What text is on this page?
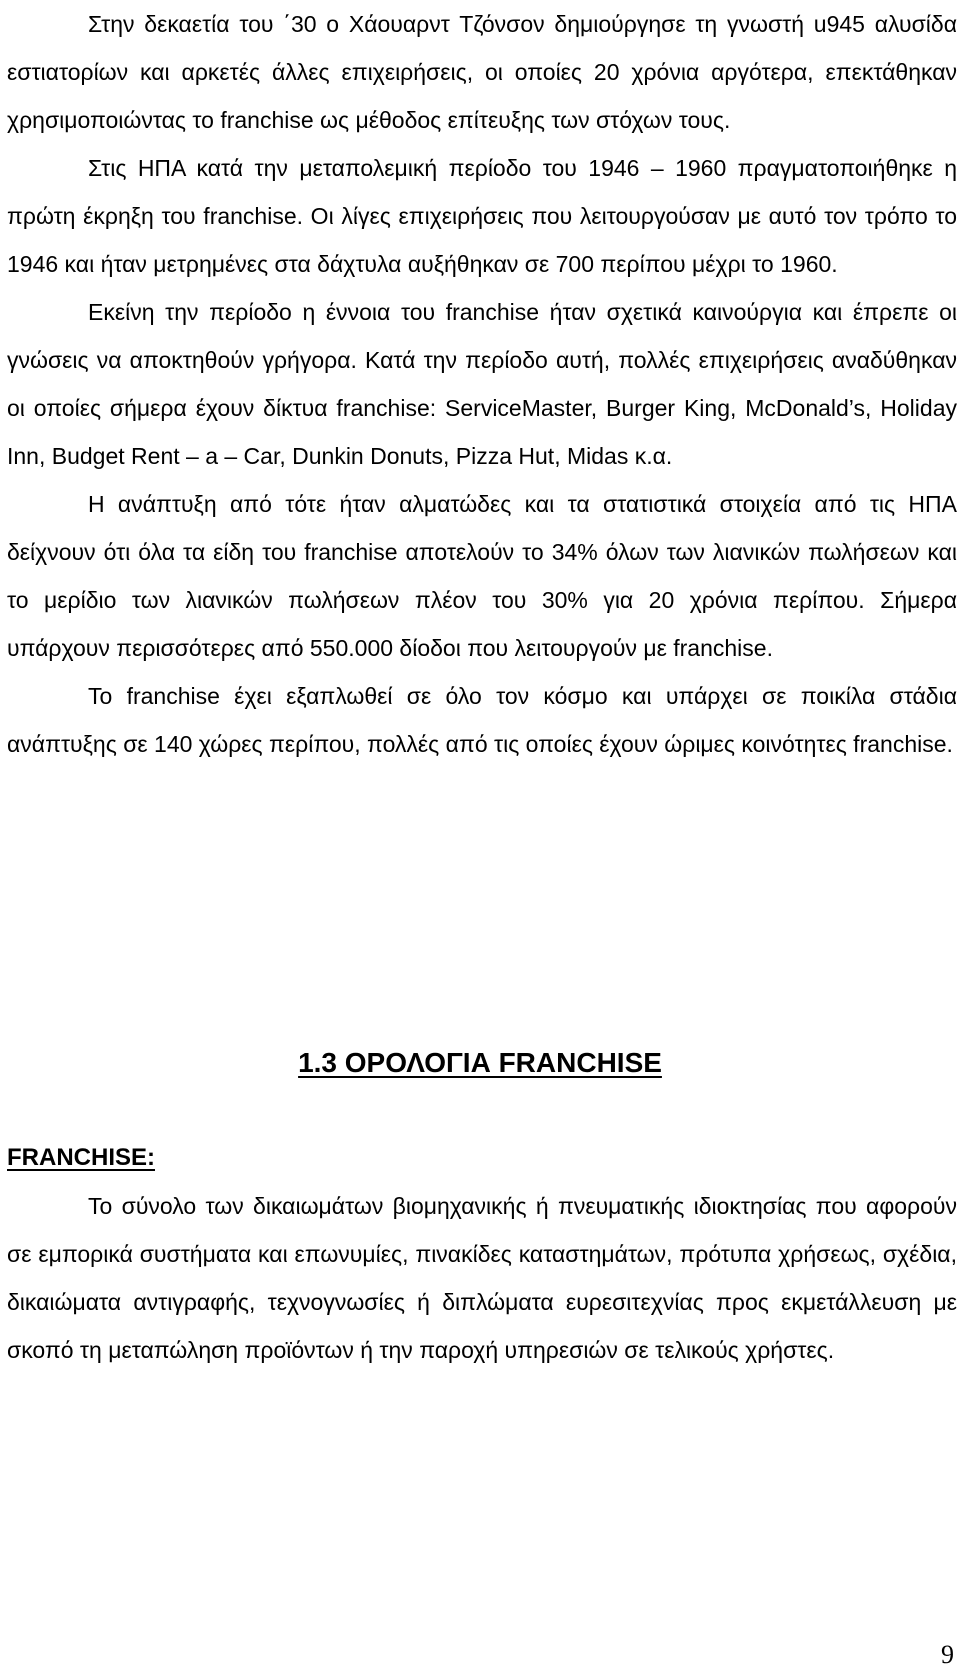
Στην δεκαετία του ΄30 ο Χάουαρντ Τζόνσον δημιούργησε τη γνωστή u945 αλυσίδα εστιατορίων και αρκετές άλλες επιχειρήσεις, οι οποίες 20 χρόνια αργότερα, επεκτάθηκαν χρησιμοποιώντας το franchise ως μέθοδος επίτευξης των στόχων τους.

Στις ΗΠΑ κατά την μεταπολεμική περίοδο του 1946 – 1960 πραγματοποιήθηκε η πρώτη έκρηξη του franchise. Οι λίγες επιχειρήσεις που λειτουργούσαν με αυτό τον τρόπο το 1946 και ήταν μετρημένες στα δάχτυλα αυξήθηκαν σε 700 περίπου μέχρι το 1960.

Εκείνη την περίοδο η έννοια του franchise ήταν σχετικά καινούργια και έπρεπε οι γνώσεις να αποκτηθούν γρήγορα. Κατά την περίοδο αυτή, πολλές επιχειρήσεις αναδύθηκαν οι οποίες σήμερα έχουν δίκτυα franchise: ServiceMaster, Burger King, McDonald’s, Holiday Inn, Budget Rent – a – Car, Dunkin Donuts, Pizza Hut, Midas κ.α.

Η ανάπτυξη από τότε ήταν αλματώδες και τα στατιστικά στοιχεία από τις ΗΠΑ δείχνουν ότι όλα τα είδη του franchise αποτελούν το 34% όλων των λιανικών πωλήσεων και το μερίδιο των λιανικών πωλήσεων πλέον του 30% για 20 χρόνια περίπου. Σήμερα υπάρχουν περισσότερες από 550.000 δίοδοι που λειτουργούν με franchise.

Το franchise έχει εξαπλωθεί σε όλο τον κόσμο και υπάρχει σε ποικίλα στάδια ανάπτυξης σε 140 χώρες περίπου, πολλές από τις οποίες έχουν ώριμες κοινότητες franchise.

1.3 ΟΡΟΛΟΓΙΑ FRANCHISE
FRANCHISE:

Το σύνολο των δικαιωμάτων βιομηχανικής ή πνευματικής ιδιοκτησίας που αφορούν σε εμπορικά συστήματα και επωνυμίες, πινακίδες καταστημάτων, πρότυπα χρήσεως, σχέδια, δικαιώματα αντιγραφής, τεχνογνωσίες ή διπλώματα ευρεσιτεχνίας προς εκμετάλλευση με σκοπό τη μεταπώληση προϊόντων ή την παροχή υπηρεσιών σε τελικούς χρήστες.

9
